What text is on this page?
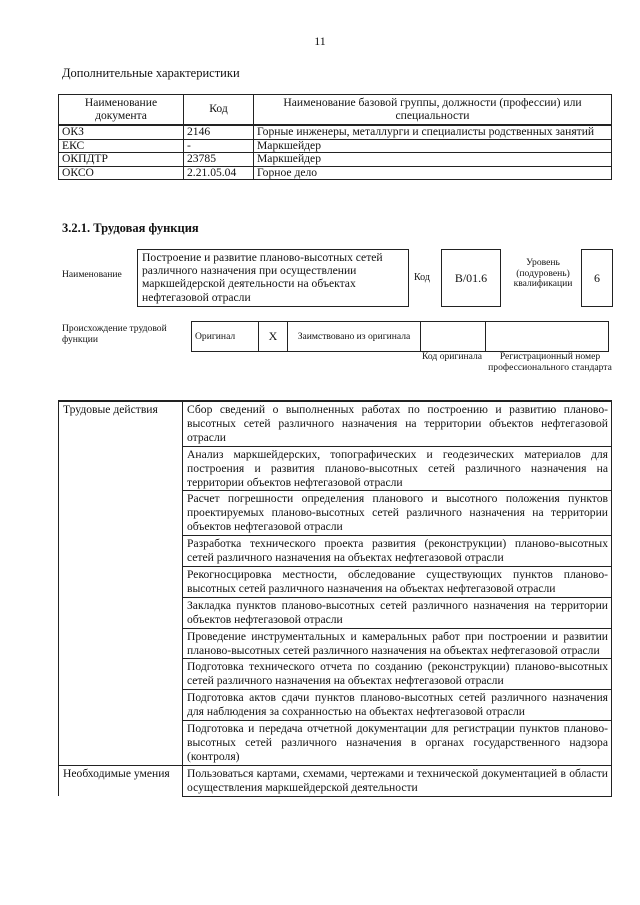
11
Дополнительные характеристики
Наименование документа	Код	Наименование базовой группы, должности (профессии) или специальности
ОКЗ	2146	Горные инженеры, металлурги и специалисты родственных занятий
ЕКС	-	Маркшейдер
ОКПДТР	23785	Маркшейдер
ОКСО	2.21.05.04	Горное дело
3.2.1. Трудовая функция
Наименование
Построение и развитие планово-высотных сетей различного назначения при осуществлении маркшейдерской деятельности на объектах нефтегазовой отрасли
Код	B/01.6
Уровень (подуровень) квалификации	6
Происхождение трудовой функции	Оригинал	X	Заимствовано из оригинала		
Код оригинала	Регистрационный номер профессионального стандарта
Трудовые действия	Сбор сведений о выполненных работах по построению и развитию планово-высотных сетей различного назначения на территории объектов нефтегазовой отрасли
	Анализ маркшейдерских, топографических и геодезических материалов для построения и развития планово-высотных сетей различного назначения на территории объектов нефтегазовой отрасли
	Расчет погрешности определения планового и высотного положения пунктов проектируемых планово-высотных сетей различного назначения на территории объектов нефтегазовой отрасли
	Разработка технического проекта развития (реконструкции) планово-высотных сетей различного назначения на объектах нефтегазовой отрасли
	Рекогносцировка местности, обследование существующих пунктов планово-высотных сетей различного назначения на объектах нефтегазовой отрасли
	Закладка пунктов планово-высотных сетей различного назначения на территории объектов нефтегазовой отрасли
	Проведение инструментальных и камеральных работ при построении и развитии планово-высотных сетей различного назначения на объектах нефтегазовой отрасли
	Подготовка технического отчета по созданию (реконструкции) планово-высотных сетей различного назначения на объектах нефтегазовой отрасли
	Подготовка актов сдачи пунктов планово-высотных сетей различного назначения для наблюдения за сохранностью на объектах нефтегазовой отрасли
	Подготовка и передача отчетной документации для регистрации пунктов планово-высотных сетей различного назначения в органах государственного надзора (контроля)
Необходимые умения	Пользоваться картами, схемами, чертежами и технической документацией в области осуществления маркшейдерской деятельности
